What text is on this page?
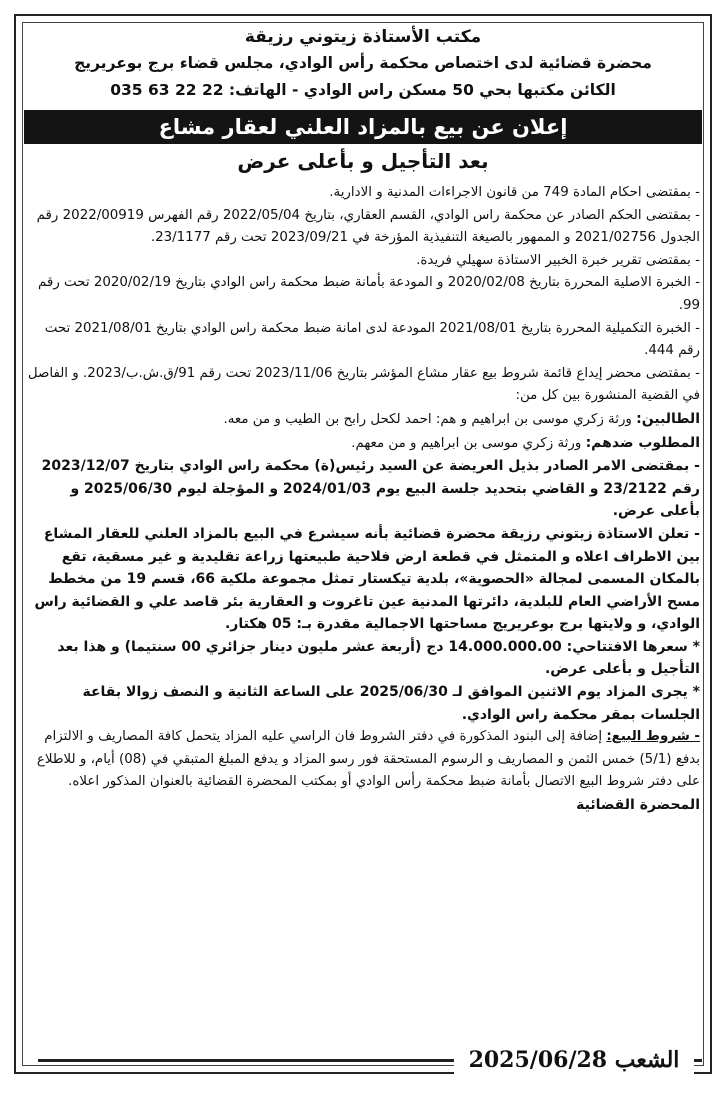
مكتب الأستاذة زيتوني رزيقة
محضرة قضائية لدى اختصاص محكمة رأس الوادي، مجلس قضاء برج بوعريريج
الكائن مكتبها بحي 50 مسكن راس الوادي - الهاتف: 22 22 63 035
إعلان عن بيع بالمزاد العلني لعقار مشاع
بعد التأجيل و بأعلى عرض

- بمقتضى احكام المادة 749 من قانون الاجراءات المدنية و الادارية.

- بمقتضى الحكم الصادر عن محكمة راس الوادي، القسم العقاري، بتاريخ 2022/05/04 رقم الفهرس 2022/00919 رقم الجدول 2021/02756 و الممهور بالصيغة التنفيذية المؤرخة في 2023/09/21 تحت رقم 23/1177.

- بمقتضى تقرير خبرة الخبير الاستاذة سهيلي فريدة.

- الخبرة الاصلية المحررة بتاريخ 2020/02/08 و المودعة بأمانة ضبط محكمة راس الوادي بتاريخ 2020/02/19 تحت رقم 99.

- الخبرة التكميلية المحررة بتاريخ 2021/08/01 المودعة لدى امانة ضبط محكمة راس الوادي بتاريخ 2021/08/01 تحت رقم 444.

- بمقتضى محضر إيداع قائمة شروط بيع عقار مشاع المؤشر بتاريخ 2023/11/06 تحت رقم 91/ق.ش.ب/2023. و الفاصل في القضية المنشورة بين كل من:

الطالبين: ورثة زكري موسى بن ابراهيم و هم: احمد لكحل رابح بن الطيب و من معه.

المطلوب ضدهم: ورثة زكري موسى بن ابراهيم و من معهم.

- بمقتضى الامر الصادر بذيل العريضة عن السيد رئيس(ة) محكمة راس الوادي بتاريخ 2023/12/07 رقم 23/2122 و القاضي بتحديد جلسة البيع يوم 2024/01/03 و المؤجلة ليوم 2025/06/30 و بأعلى عرض.

- تعلن الاستاذة زيتوني رزيقة محضرة قضائية بأنه سيشرع في البيع بالمزاد العلني للعقار المشاع بين الاطراف اعلاه و المتمثل في قطعة ارض فلاحية طبيعتها زراعة تقليدية و غير مسقية، تقع بالمكان المسمى لمجالة «الحصوية»، بلدية تيكستار تمثل مجموعة ملكية 66، قسم 19 من مخطط مسح الأراضي العام للبلدية، دائرتها المدنية عين تاغروت و العقارية بئر قاصد علي و القضائية راس الوادي، و ولايتها برج بوعريريج مساحتها الاجمالية مقدرة بـ: 05 هكتار.

* سعرها الافتتاحي: 14.000.000.00 دج (أربعة عشر مليون دينار جزائري 00 سنتيما) و هذا بعد التأجيل و بأعلى عرض.

* يجرى المزاد يوم الاثنين الموافق لـ 2025/06/30 على الساعة الثانية و النصف زوالا بقاعة الجلسات بمقر محكمة راس الوادي.

- شروط البيع: إضافة إلى البنود المذكورة في دفتر الشروط فان الراسي عليه المزاد يتحمل كافة المصاريف و الالتزام بدفع (5/1) خمس الثمن و المصاريف و الرسوم المستحقة فور رسو المزاد و يدفع المبلغ المتبقي في (08) أيام، و للاطلاع على دفتر شروط البيع الاتصال بأمانة ضبط محكمة رأس الوادي أو بمكتب المحضرة القضائية بالعنوان المذكور اعلاه. المحضرة القضائية

الشعب 2025/06/28
